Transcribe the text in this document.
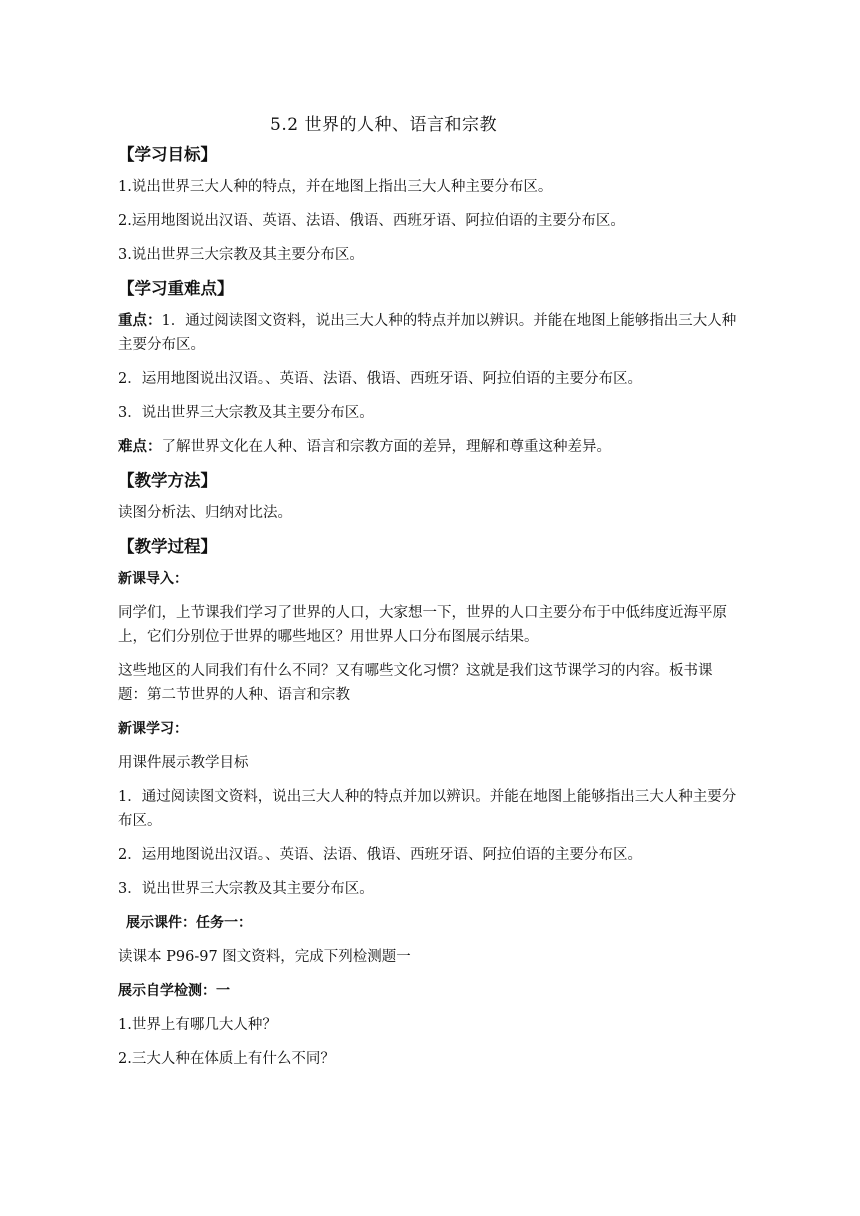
5.2 世界的人种、语言和宗教
【学习目标】
1.说出世界三大人种的特点，并在地图上指出三大人种主要分布区。
2.运用地图说出汉语、英语、法语、俄语、西班牙语、阿拉伯语的主要分布区。
3.说出世界三大宗教及其主要分布区。
【学习重难点】
重点：1．通过阅读图文资料，说出三大人种的特点并加以辨识。并能在地图上能够指出三大人种主要分布区。
2．运用地图说出汉语。、英语、法语、俄语、西班牙语、阿拉伯语的主要分布区。
3．说出世界三大宗教及其主要分布区。
难点：了解世界文化在人种、语言和宗教方面的差异，理解和尊重这种差异。
【教学方法】
读图分析法、归纳对比法。
【教学过程】
新课导入：
同学们，上节课我们学习了世界的人口，大家想一下，世界的人口主要分布于中低纬度近海平原上，它们分别位于世界的哪些地区？用世界人口分布图展示结果。
这些地区的人同我们有什么不同？又有哪些文化习惯？这就是我们这节课学习的内容。板书课题：第二节世界的人种、语言和宗教
新课学习：
用课件展示教学目标
1．通过阅读图文资料，说出三大人种的特点并加以辨识。并能在地图上能够指出三大人种主要分布区。
2．运用地图说出汉语。、英语、法语、俄语、西班牙语、阿拉伯语的主要分布区。
3．说出世界三大宗教及其主要分布区。
展示课件：任务一：
读课本 P96-97 图文资料，完成下列检测题一
展示自学检测：一
1.世界上有哪几大人种？
2.三大人种在体质上有什么不同？
